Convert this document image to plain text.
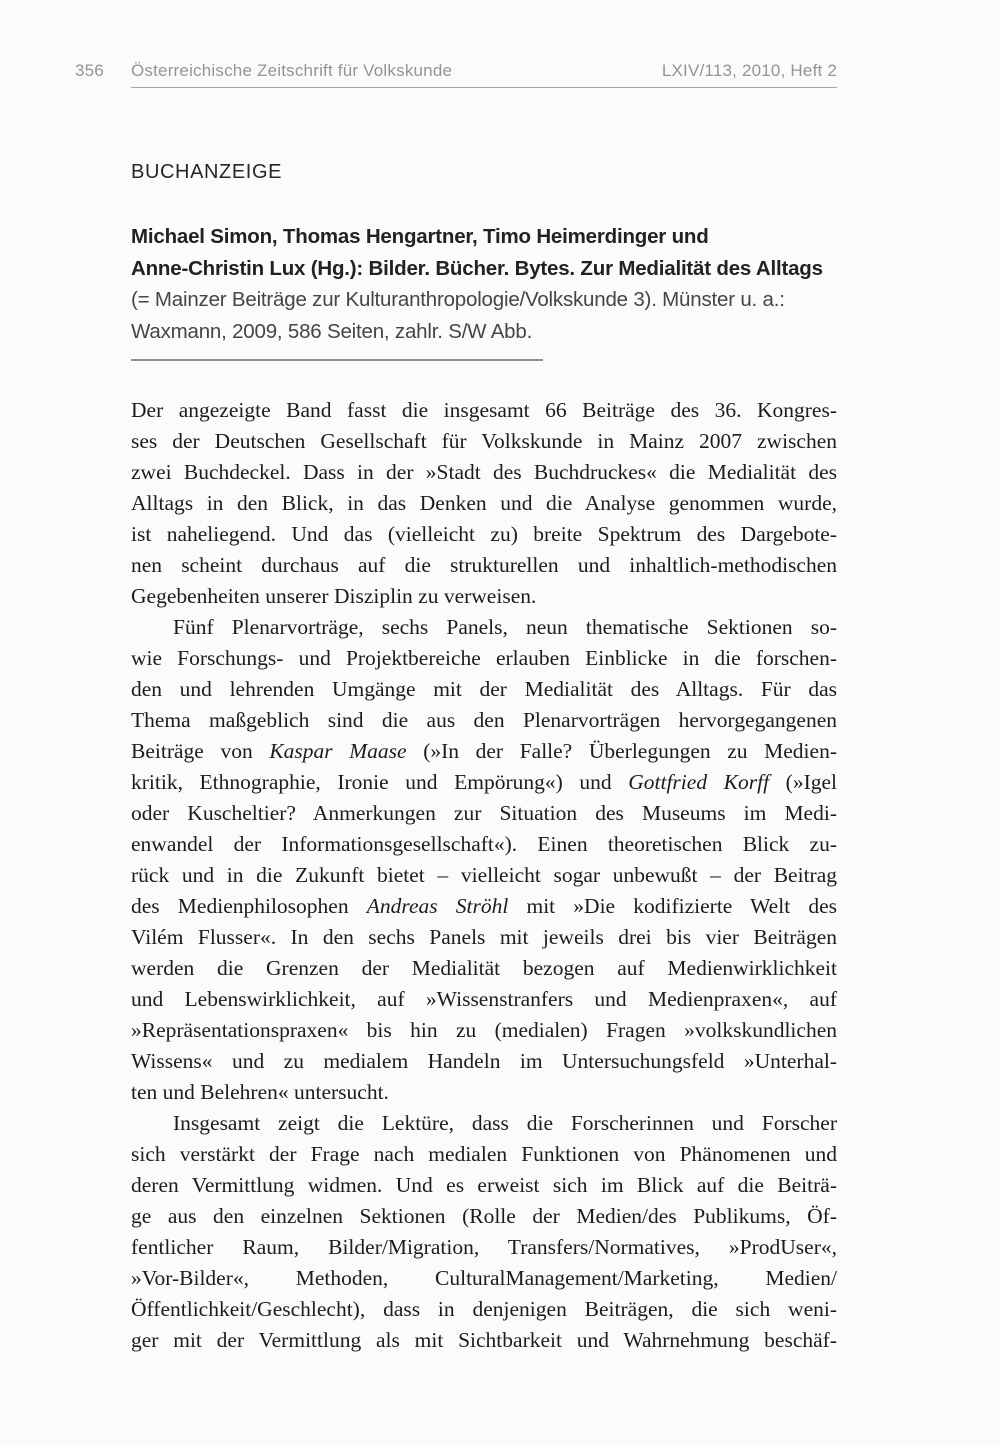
356	Österreichische Zeitschrift für Volkskunde	LXIV/113, 2010, Heft 2
BUCHANZEIGE
Michael Simon, Thomas Hengartner, Timo Heimerdinger und
Anne-Christin Lux (Hg.): Bilder. Bücher. Bytes. Zur Medialität des Alltags
(= Mainzer Beiträge zur Kulturanthropologie/Volkskunde 3). Münster u. a.:
Waxmann, 2009, 586 Seiten, zahlr. S/W Abb.
Der angezeigte Band fasst die insgesamt 66 Beiträge des 36. Kongres-
ses der Deutschen Gesellschaft für Volkskunde in Mainz 2007 zwischen
zwei Buchdeckel. Dass in der »Stadt des Buchdruckes« die Medialität des
Alltags in den Blick, in das Denken und die Analyse genommen wurde,
ist naheliegend. Und das (vielleicht zu) breite Spektrum des Dargebote-
nen scheint durchaus auf die strukturellen und inhaltlich-methodischen
Gegebenheiten unserer Disziplin zu verweisen.
Fünf Plenarvorträge, sechs Panels, neun thematische Sektionen so-
wie Forschungs- und Projektbereiche erlauben Einblicke in die forschen-
den und lehrenden Umgänge mit der Medialität des Alltags. Für das
Thema maßgeblich sind die aus den Plenarvorträgen hervorgegangenen
Beiträge von Kaspar Maase (»In der Falle? Überlegungen zu Medien-
kritik, Ethnographie, Ironie und Empörung«) und Gottfried Korff (»Igel
oder Kuscheltier? Anmerkungen zur Situation des Museums im Medi-
enwandel der Informationsgesellschaft«). Einen theoretischen Blick zu-
rück und in die Zukunft bietet – vielleicht sogar unbewußt – der Beitrag
des Medienphilosophen Andreas Ströhl mit »Die kodifizierte Welt des
Vilém Flusser«. In den sechs Panels mit jeweils drei bis vier Beiträgen
werden die Grenzen der Medialität bezogen auf Medienwirklichkeit
und Lebenswirklichkeit, auf »Wissenstranfers und Medienpraxen«, auf
»Repräsentationspraxen« bis hin zu (medialen) Fragen »volkskundlichen
Wissens« und zu medialem Handeln im Untersuchungsfeld »Unterhal-
ten und Belehren« untersucht.
Insgesamt zeigt die Lektüre, dass die Forscherinnen und Forscher
sich verstärkt der Frage nach medialen Funktionen von Phänomenen und
deren Vermittlung widmen. Und es erweist sich im Blick auf die Beiträ-
ge aus den einzelnen Sektionen (Rolle der Medien/des Publikums, Öf-
fentlicher Raum, Bilder/Migration, Transfers/Normatives, »ProdUser«,
»Vor-Bilder«, Methoden, CulturalManagement/Marketing, Medien/
Öffentlichkeit/Geschlecht), dass in denjenigen Beiträgen, die sich weni-
ger mit der Vermittlung als mit Sichtbarkeit und Wahrnehmung beschäf-
